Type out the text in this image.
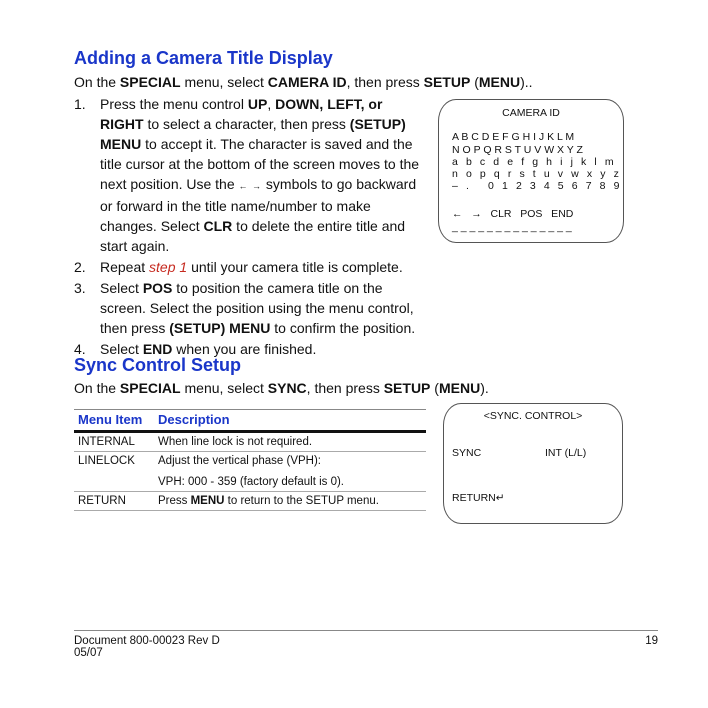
Adding a Camera Title Display
On the SPECIAL menu, select CAMERA ID, then press SETUP (MENU)..
1. Press the menu control UP, DOWN, LEFT, or RIGHT to select a character, then press (SETUP) MENU to accept it. The character is saved and the title cursor at the bottom of the screen moves to the next position. Use the ← → symbols to go backward or forward in the title name/number to make changes. Select CLR to delete the entire title and start again.
2. Repeat step 1 until your camera title is complete.
3. Select POS to position the camera title on the screen. Select the position using the menu control, then press (SETUP) MENU to confirm the position.
4. Select END when you are finished.
CAMERA ID
A B C D E F G H I J K L M
N O P Q R S T U V W X Y Z
a b c d e f g h i j k l m
n o p q r s t u v w x y z
– .   0 1 2 3 4 5 6 7 8 9
←   →   CLR   POS   END
_ _ _ _ _ _ _ _ _ _ _ _ _ _
Sync Control Setup
On the SPECIAL menu, select SYNC, then press SETUP (MENU).
Menu Item	Description
INTERNAL	When line lock is not required.
LINELOCK	Adjust the vertical phase (VPH):
	VPH: 000 - 359 (factory default is 0).
RETURN	Press MENU to return to the SETUP menu.
<SYNC. CONTROL>
SYNC	INT (L/L)
RETURN↵
Document 800-00023 Rev D
05/07
19
